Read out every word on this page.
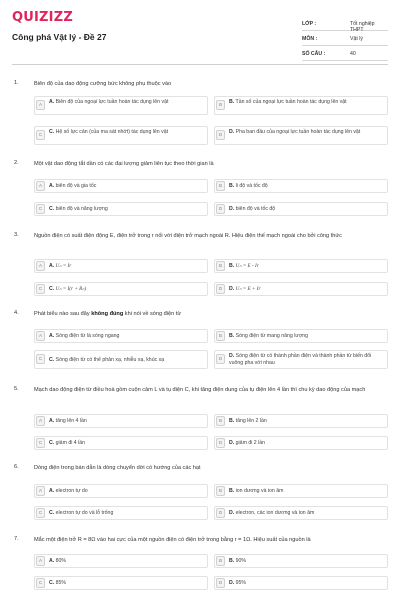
QUIZIZZ
Công phá Vật lý - Đề 27
LỚP :	Tốt nghiệp THPT
MÔN :	Vật lý
SỐ CÂU :	40
1.	Biên độ của dao động cưỡng bức không phụ thuộc vào
A	A. Biên độ của ngoại lực tuần hoàn tác dụng lên vật	B	B. Tần số của ngoại lực tuần hoàn tác dụng lên vật
C	C. Hệ số lực cản (của ma sát nhớt) tác dụng lên vật	D	D. Pha ban đầu của ngoại lực tuần hoàn tác dụng lên vật
2.	Một vật dao động tắt dần có các đại lượng giảm liên tục theo thời gian là
A	A. biên độ và gia tốc	B	B. li độ và tốc độ
C	C. biên độ và năng lượng	D	D. biên độ và tốc độ
3.	Nguồn điện có suất điện động E, điện trở trong r nối với điện trở mạch ngoài R. Hiệu điện thế mạch ngoài cho bởi công thức
A	A. Uₙ = Ir	B	B. Uₙ = E - Ir
C	C. Uₙ = I(r + Rₙ)	D	D. Uₙ = E + Ir
4.	Phát biểu nào sau đây không đúng khi nói về sóng điện từ
A	A. Sóng điện từ là sóng ngang	B	B. Sóng điện từ mang năng lượng
C	C. Sóng điện từ có thể phản xạ, nhiễu xạ, khúc xạ	D	D. Sóng điện từ có thành phần điện và thành phần từ biến đổi vuông pha với nhau
5.	Mạch dao động điện từ điều hoà gồm cuộn cảm L và tụ điện C, khi tăng điện dung của tụ điện lên 4 lần thì chu kỳ dao động của mạch
A	A. tăng lên 4 lần	B	B. tăng lên 2 lần
C	C. giảm đi 4 lần	D	D. giảm đi 2 lần
6.	Dòng điện trong bán dẫn là dòng chuyển dời có hướng của các hạt
A	A. electron tự do	B	B. ion dương và ion âm
C	C. electron tự do và lỗ trống	D	D. electron, các ion dương và ion âm
7.	Mắc một điện trở R = 8Ω vào hai cực của một nguồn điện có điện trở trong bằng r = 1Ω. Hiệu suất của nguồn là
A	A. 80%	B	B. 90%
C	C. 85%	D	D. 95%
